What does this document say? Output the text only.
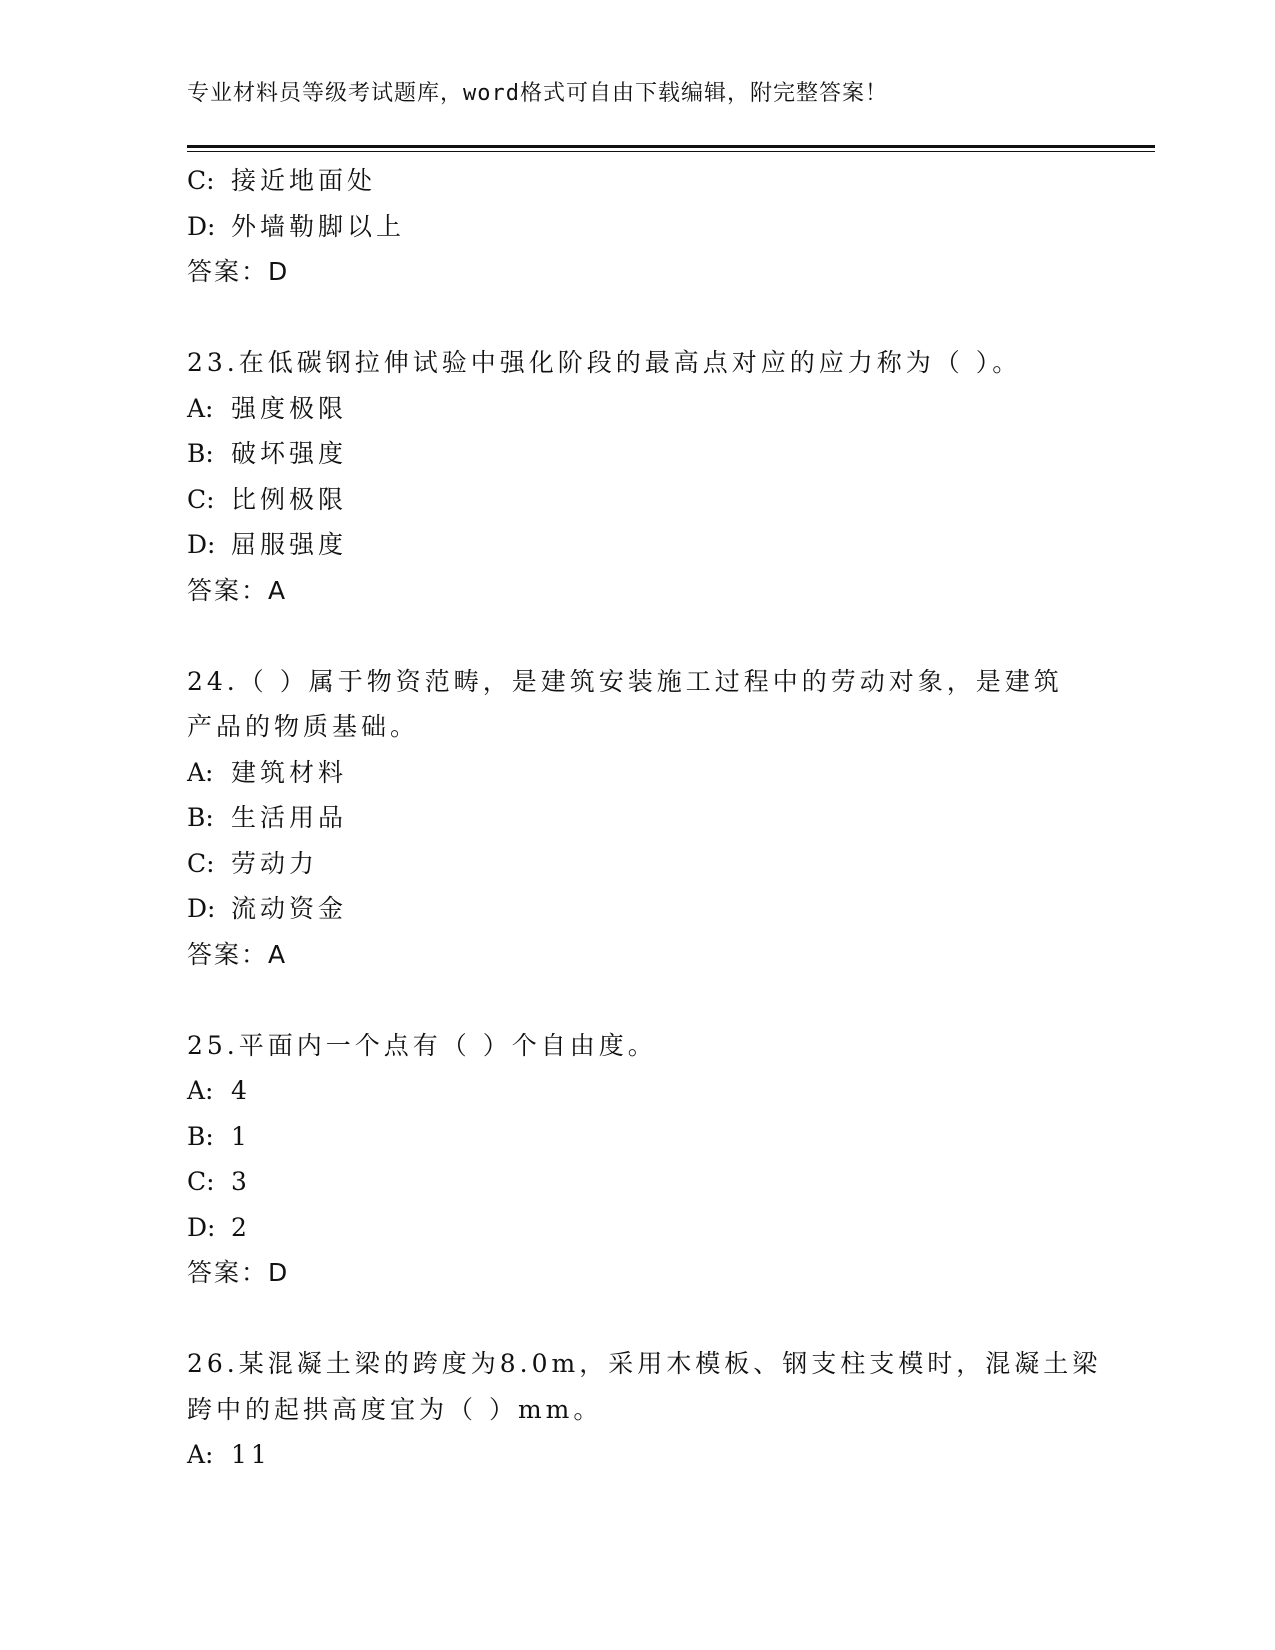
专业材料员等级考试题库，word格式可自由下载编辑，附完整答案！
C: 接近地面处
D: 外墙勒脚以上
答案：D
23.在低碳钢拉伸试验中强化阶段的最高点对应的应力称为（ ）。
A: 强度极限
B: 破坏强度
C: 比例极限
D: 屈服强度
答案：A
24.（ ）属于物资范畴，是建筑安装施工过程中的劳动对象，是建筑
产品的物质基础。
A: 建筑材料
B: 生活用品
C: 劳动力
D: 流动资金
答案：A
25.平面内一个点有（ ）个自由度。
A: 4
B: 1
C: 3
D: 2
答案：D
26.某混凝土梁的跨度为8.0m，采用木模板、钢支柱支模时，混凝土梁
跨中的起拱高度宜为（ ）mm。
A: 11
